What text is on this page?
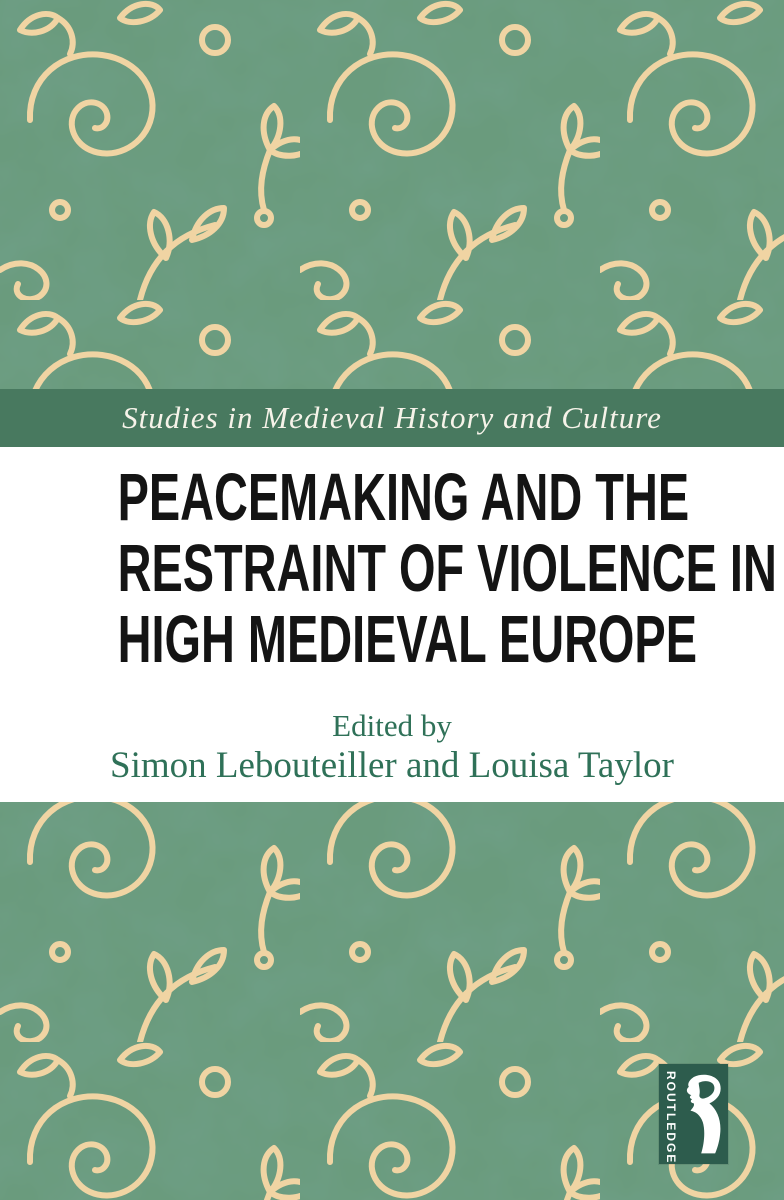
Studies in Medieval History and Culture
PEACEMAKING AND THE
RESTRAINT OF VIOLENCE IN
HIGH MEDIEVAL EUROPE
Edited by
Simon Lebouteiller and Louisa Taylor
ROUTLEDGE
